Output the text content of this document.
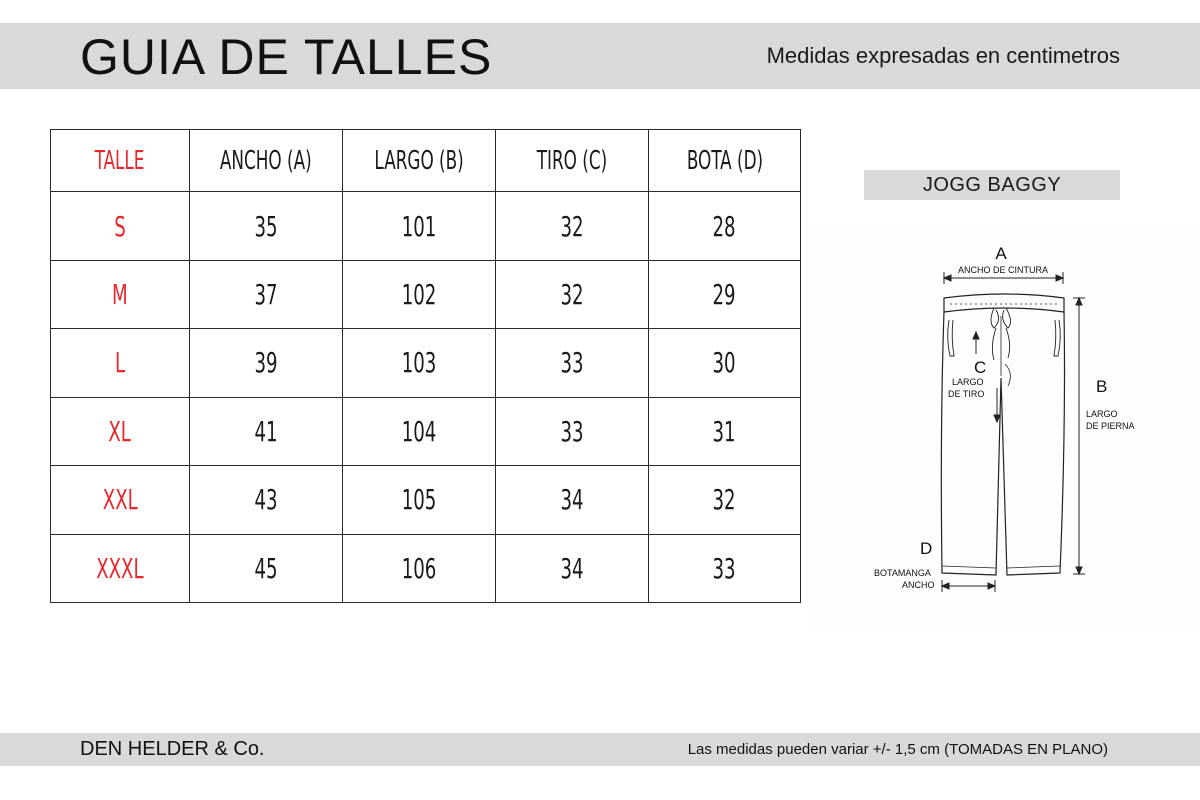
GUIA DE TALLES	Medidas expresadas en centimetros
TALLE	ANCHO (A)	LARGO (B)	TIRO (C)	BOTA (D)
S	35	101	32	28
M	37	102	32	29
L	39	103	33	30
XL	41	104	33	31
XXL	43	105	34	32
XXXL	45	106	34	33
JOGG BAGGY
A
ANCHO DE CINTURA
B
LARGO
DE PIERNA
C
LARGO
DE TIRO
D
BOTAMANGA
ANCHO
DEN HELDER & Co.	Las medidas pueden variar +/- 1,5 cm (TOMADAS EN PLANO)
